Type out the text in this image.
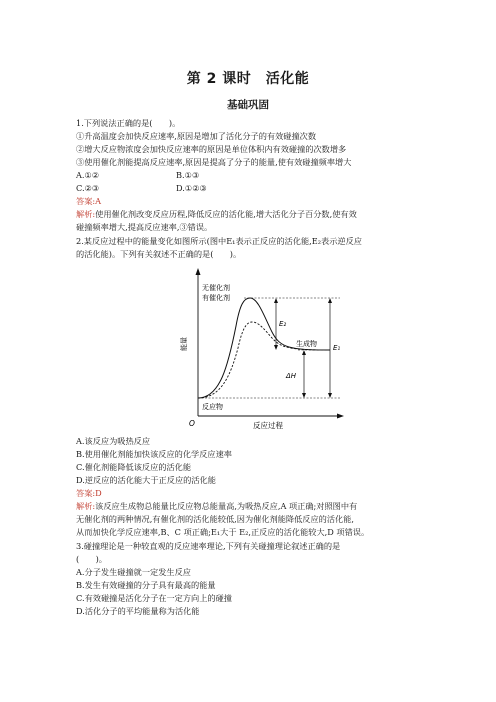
第 2 课时　活化能
基础巩固
1.下列说法正确的是(　　)。
①升高温度会加快反应速率,原因是增加了活化分子的有效碰撞次数
②增大反应物浓度会加快反应速率的原因是单位体积内有效碰撞的次数增多
③使用催化剂能提高反应速率,原因是提高了分子的能量,使有效碰撞频率增大
A.①②	B.①③
C.②③	D.①②③
答案:A
解析:使用催化剂改变反应历程,降低反应的活化能,增大活化分子百分数,使有效
碰撞频率增大,提高反应速率,③错误。
2.某反应过程中的能量变化如图所示(图中E₁表示正反应的活化能,E₂表示逆反应
的活化能)。下列有关叙述不正确的是(　　)。
O
能量
反应过程
E₁
E₂
ΔH
无催化剂
有催化剂
反应物
生成物
A.该反应为吸热反应
B.使用催化剂能加快该反应的化学反应速率
C.催化剂能降低该反应的活化能
D.逆反应的活化能大于正反应的活化能
答案:D
解析:该反应生成物总能量比反应物总能量高,为吸热反应,A 项正确;对照图中有
无催化剂的两种情况,有催化剂的活化能较低,因为催化剂能降低反应的活化能,
从而加快化学反应速率,B、C 项正确;E₁大于 E₂,正反应的活化能较大,D 项错误。
3.碰撞理论是一种较直观的反应速率理论,下列有关碰撞理论叙述正确的是
(　　)。
A.分子发生碰撞就一定发生反应
B.发生有效碰撞的分子具有最高的能量
C.有效碰撞是活化分子在一定方向上的碰撞
D.活化分子的平均能量称为活化能
